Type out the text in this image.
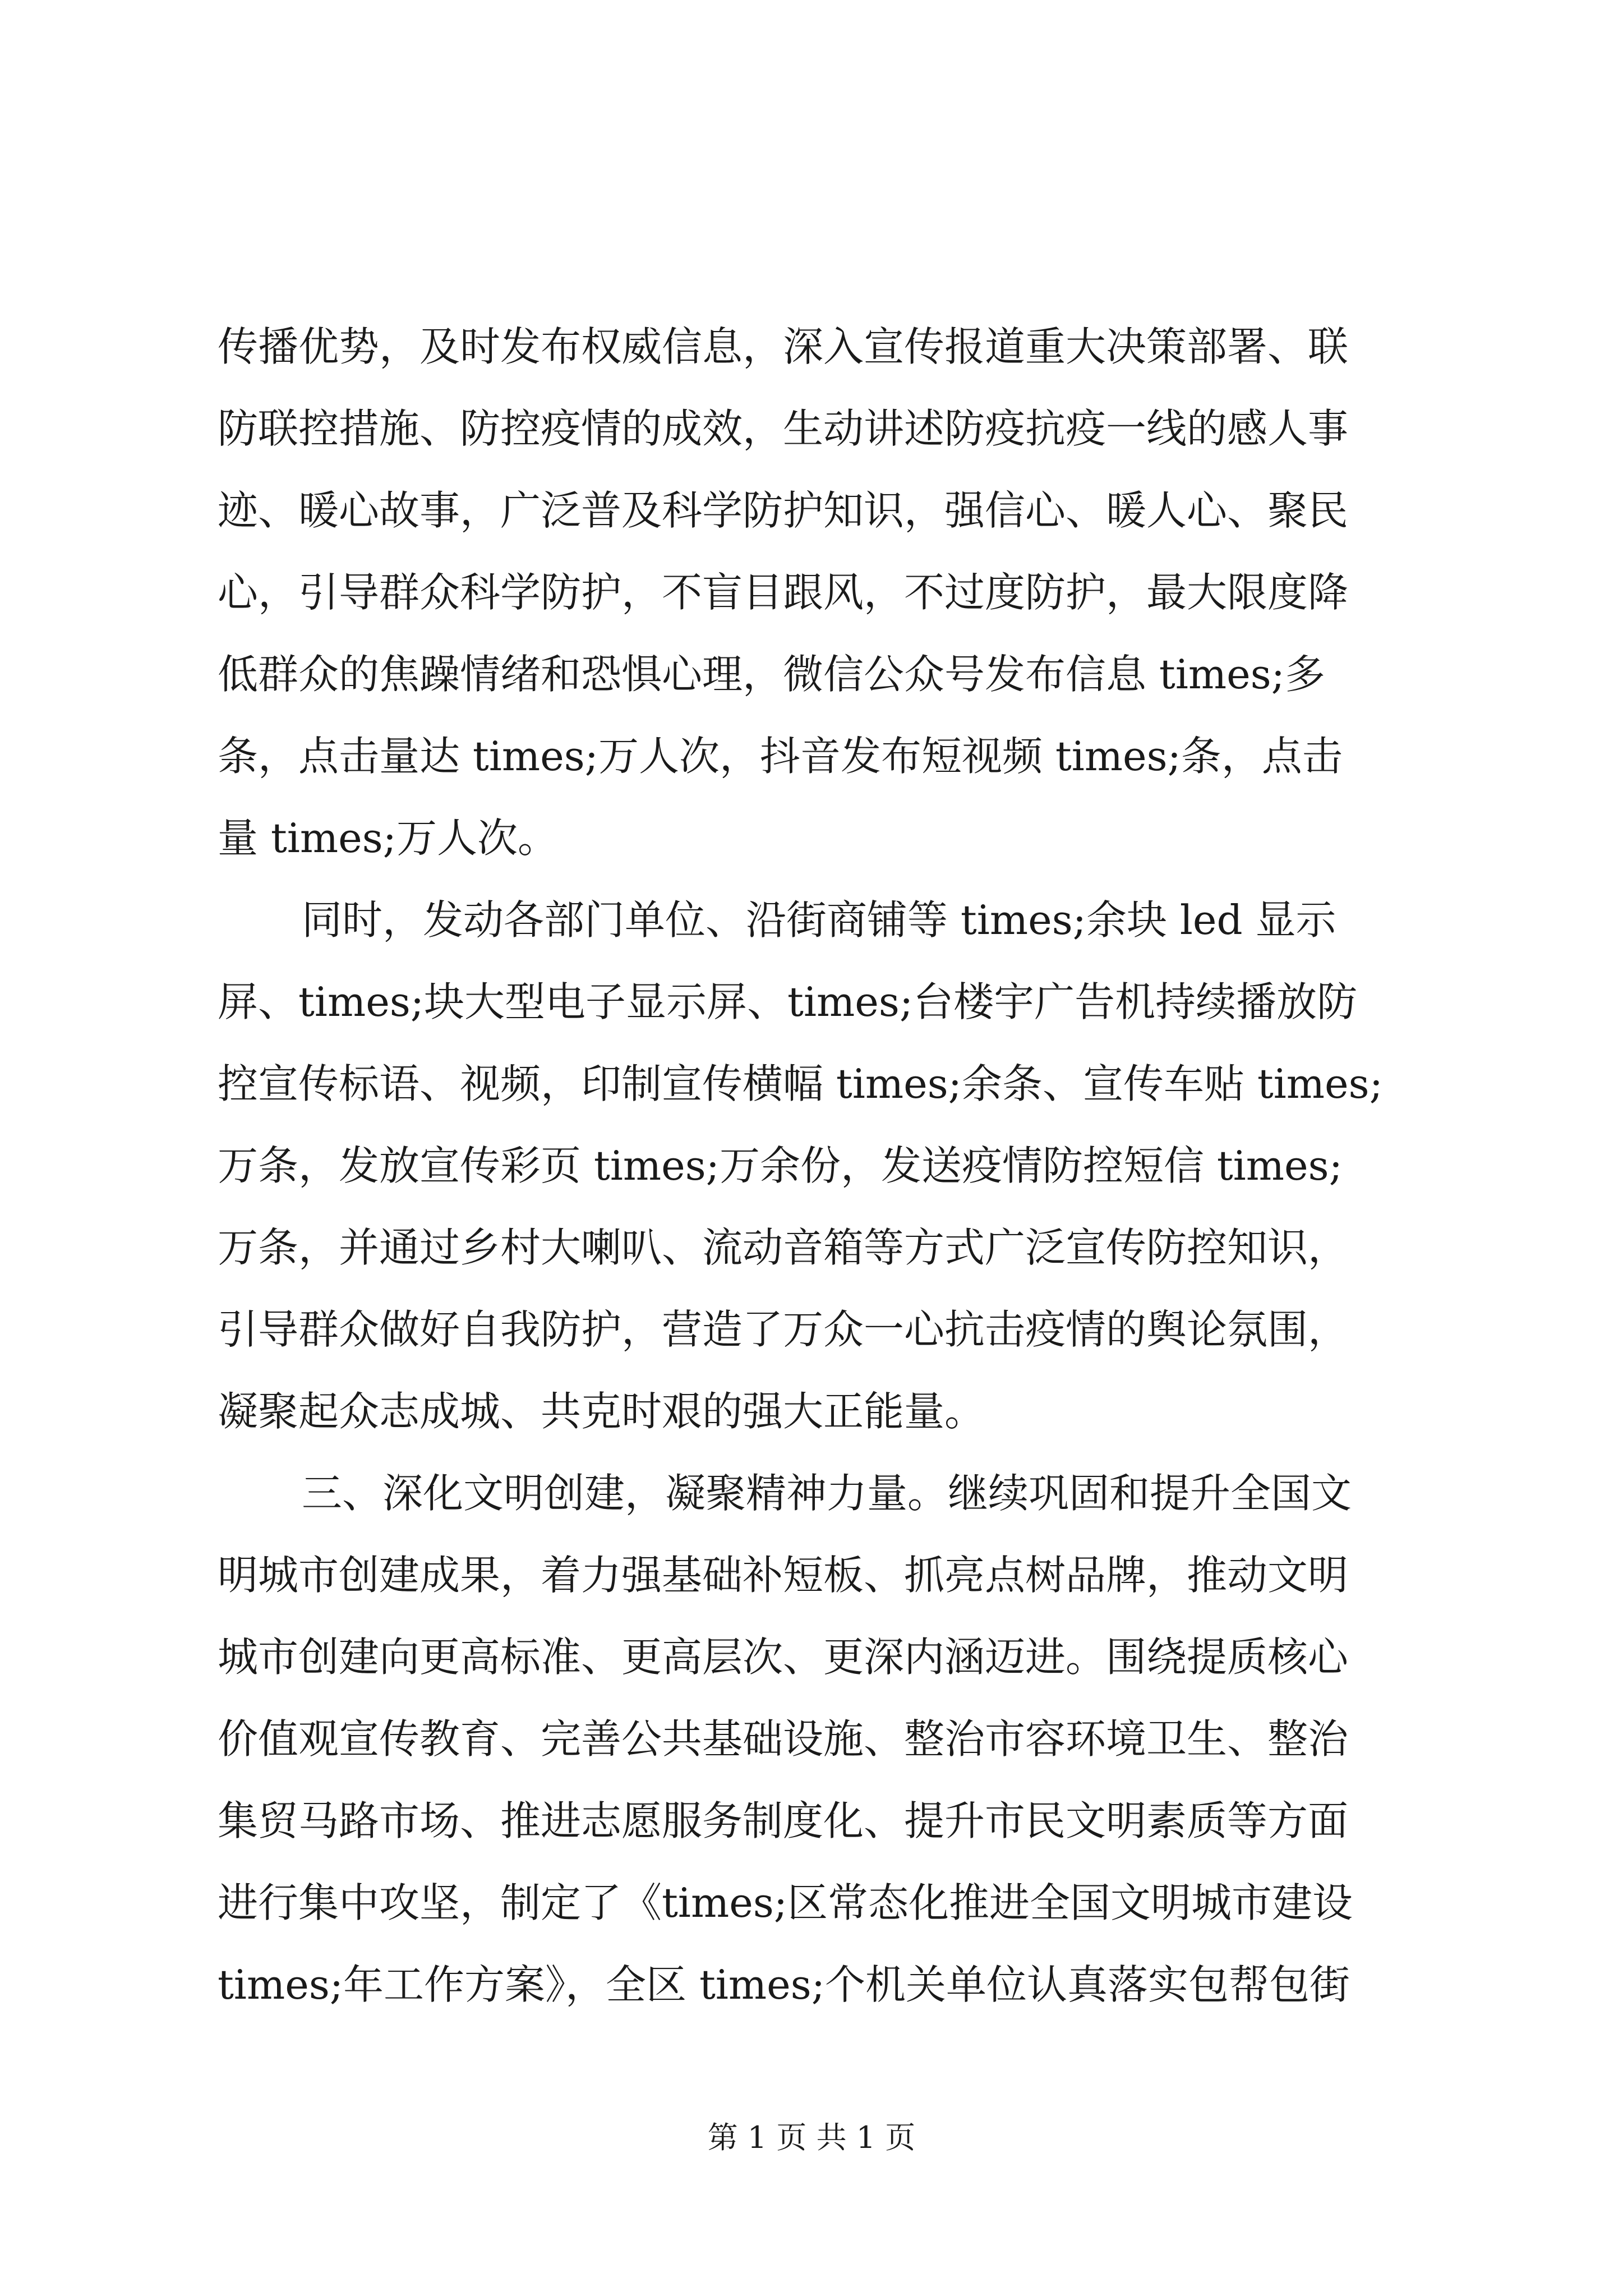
传播优势，及时发布权威信息，深入宣传报道重大决策部署、联
防联控措施、防控疫情的成效，生动讲述防疫抗疫一线的感人事
迹、暖心故事，广泛普及科学防护知识，强信心、暖人心、聚民
心，引导群众科学防护，不盲目跟风，不过度防护，最大限度降
低群众的焦躁情绪和恐惧心理，微信公众号发布信息 times;多
条，点击量达 times;万人次，抖音发布短视频 times;条，点击
量 times;万人次。
同时，发动各部门单位、沿街商铺等 times;余块 led 显示
屏、times;块大型电子显示屏、times;台楼宇广告机持续播放防
控宣传标语、视频，印制宣传横幅 times;余条、宣传车贴 times;
万条，发放宣传彩页 times;万余份，发送疫情防控短信 times;
万条，并通过乡村大喇叭、流动音箱等方式广泛宣传防控知识，
引导群众做好自我防护，营造了万众一心抗击疫情的舆论氛围，
凝聚起众志成城、共克时艰的强大正能量。
三、深化文明创建，凝聚精神力量。继续巩固和提升全国文
明城市创建成果，着力强基础补短板、抓亮点树品牌，推动文明
城市创建向更高标准、更高层次、更深内涵迈进。围绕提质核心
价值观宣传教育、完善公共基础设施、整治市容环境卫生、整治
集贸马路市场、推进志愿服务制度化、提升市民文明素质等方面
进行集中攻坚，制定了《times;区常态化推进全国文明城市建设
times;年工作方案》，全区 times;个机关单位认真落实包帮包街
第 1 页 共 1 页
